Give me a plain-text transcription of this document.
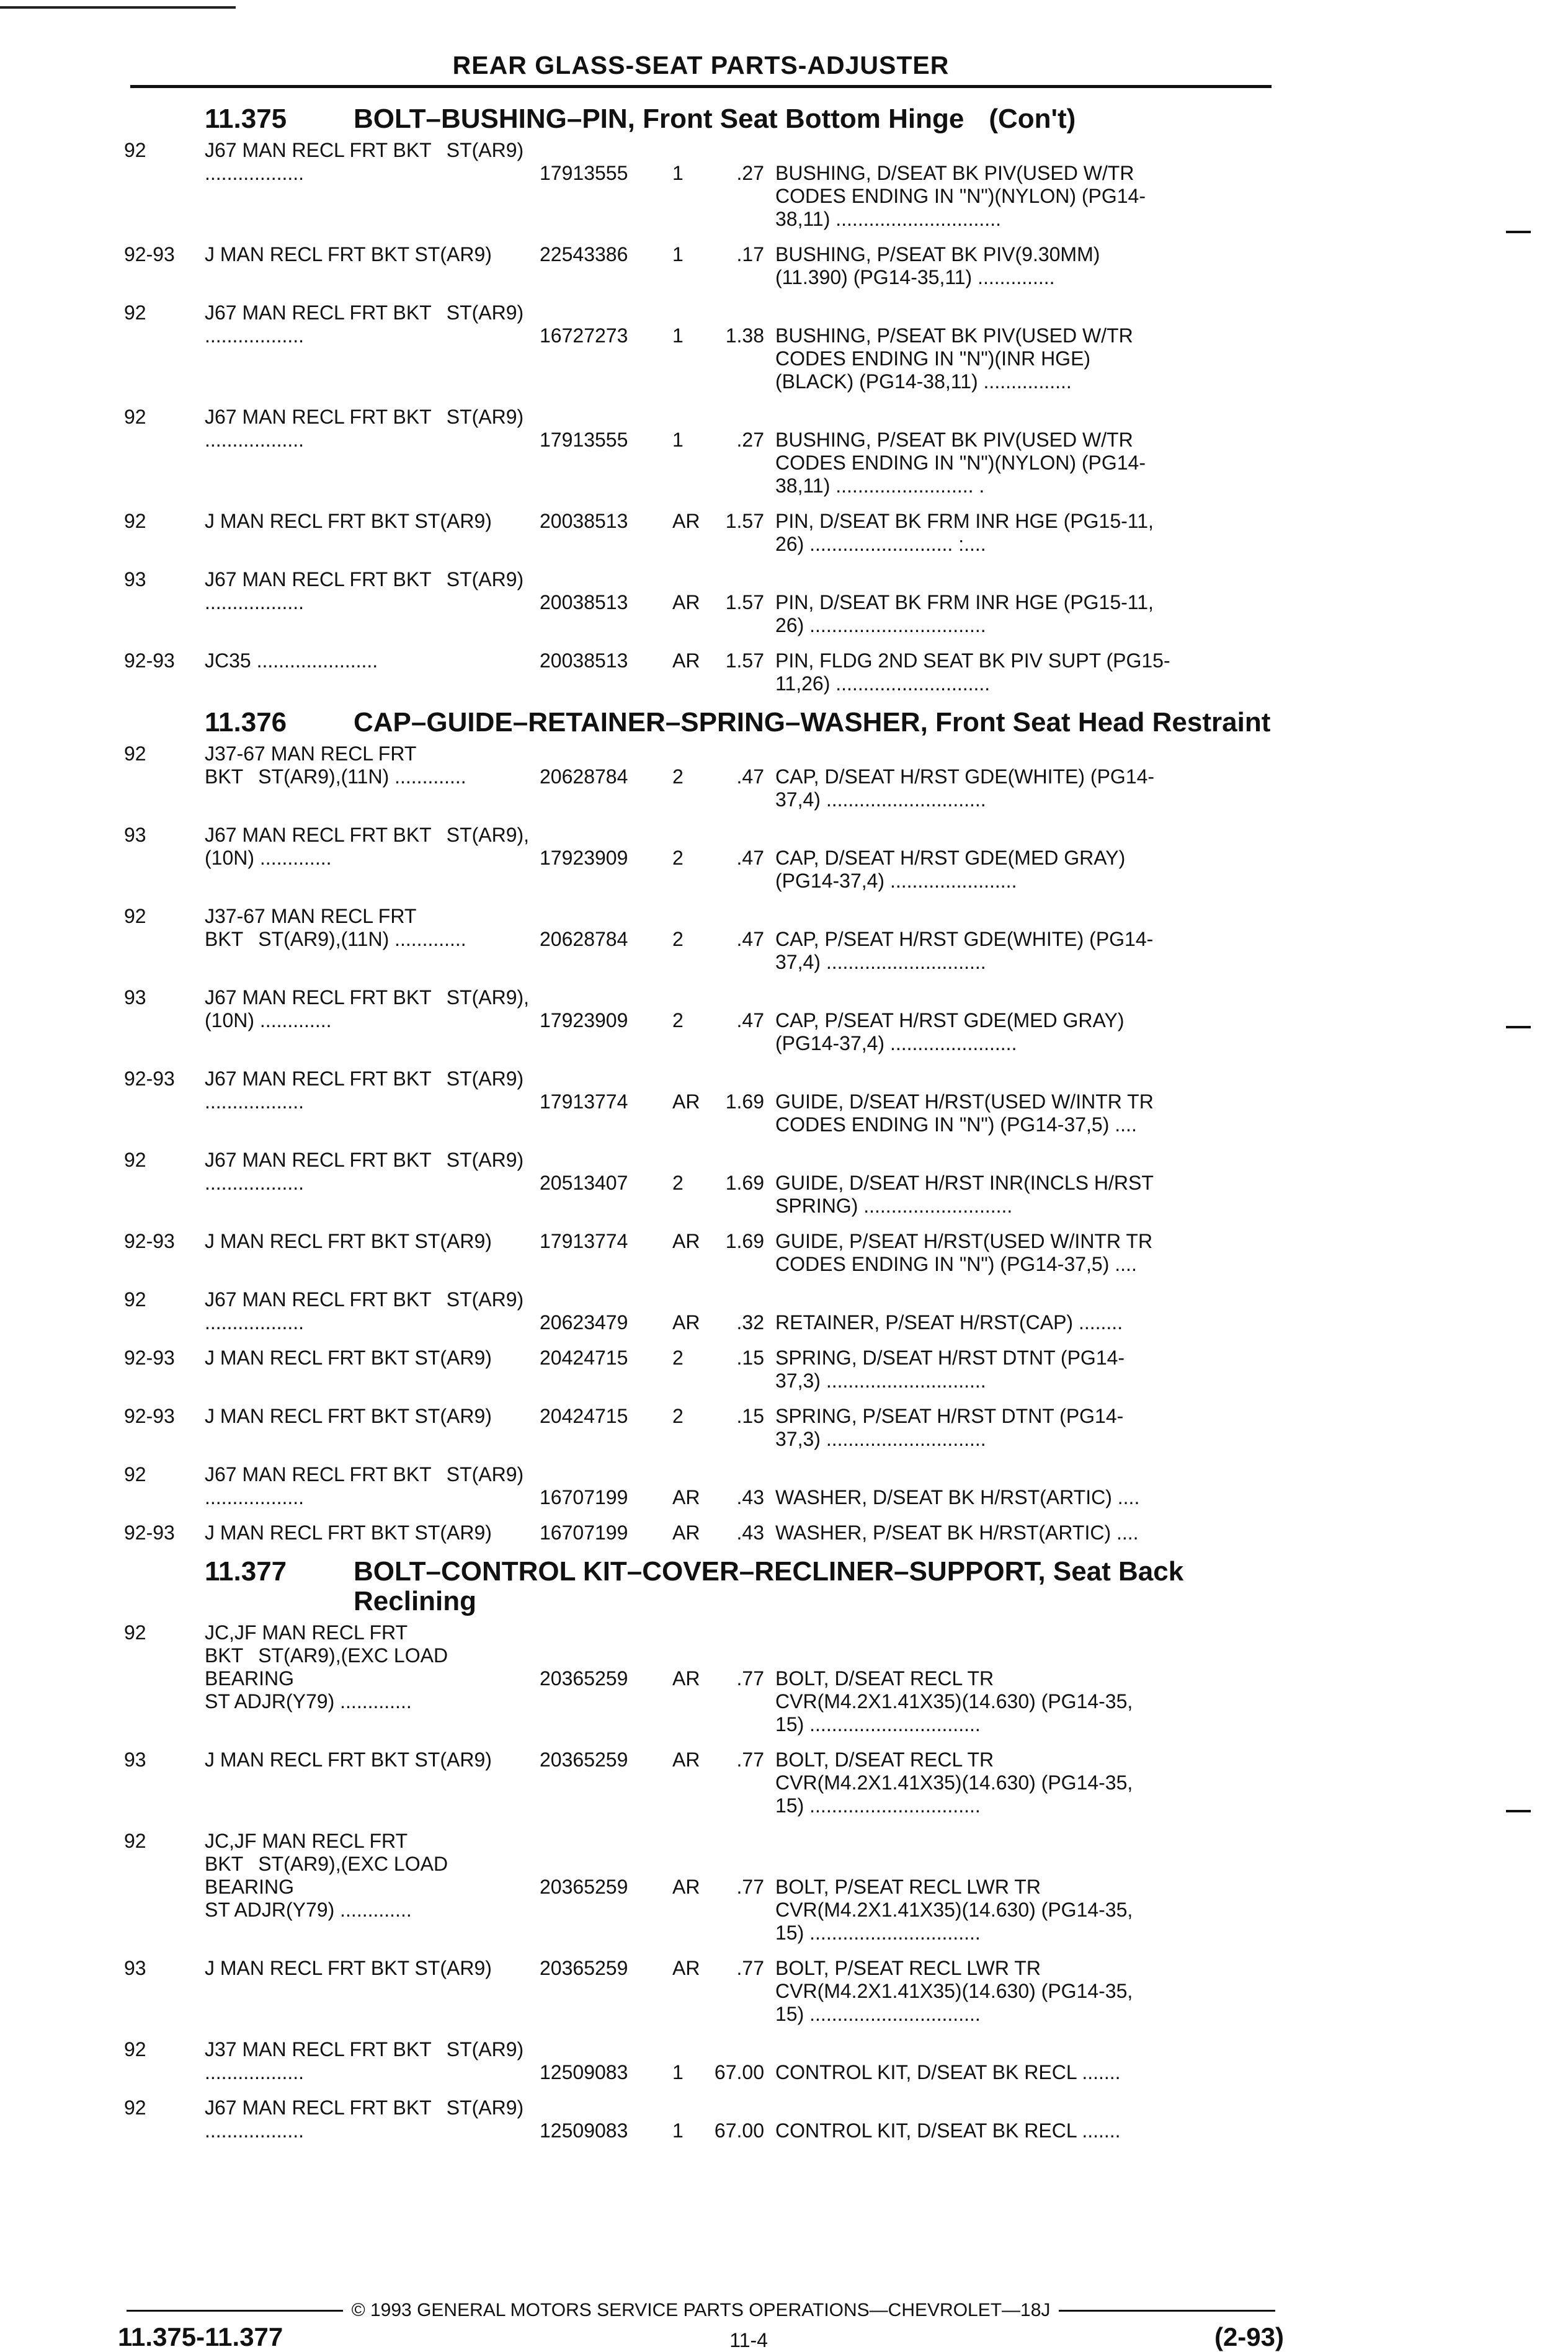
REAR GLASS-SEAT PARTS-ADJUSTER
11.375	BOLT–BUSHING–PIN, Front Seat Bottom Hinge (Con't)
92	J67 MAN RECL FRT BKT ST(AR9) ..................	17913555	1	.27 BUSHING, D/SEAT BK PIV(USED W/TR
CODES ENDING IN "N")(NYLON) (PG14-
38,11) ..............................
92-93	J MAN RECL FRT BKT ST(AR9)	22543386	1	.17 BUSHING, P/SEAT BK PIV(9.30MM)
(11.390) (PG14-35,11) ..............
92	J67 MAN RECL FRT BKT ST(AR9) ..................	16727273	1	1.38 BUSHING, P/SEAT BK PIV(USED W/TR
CODES ENDING IN "N")(INR HGE)
(BLACK) (PG14-38,11) ................
92	J67 MAN RECL FRT BKT ST(AR9) ..................	17913555	1	.27 BUSHING, P/SEAT BK PIV(USED W/TR
CODES ENDING IN "N")(NYLON) (PG14-
38,11) ......................... .
92	J MAN RECL FRT BKT ST(AR9)	20038513	AR	1.57 PIN, D/SEAT BK FRM INR HGE (PG15-11,
26) .......................... :....
93	J67 MAN RECL FRT BKT ST(AR9) ..................	20038513	AR	1.57 PIN, D/SEAT BK FRM INR HGE (PG15-11,
26) ................................
92-93	JC35 ......................	20038513	AR	1.57 PIN, FLDG 2ND SEAT BK PIV SUPT (PG15-
11,26) ............................
11.376	CAP–GUIDE–RETAINER–SPRING–WASHER, Front Seat Head Restraint
92	J37-67 MAN RECL FRT BKT ST(AR9),(11N) .............	20628784	2	.47 CAP, D/SEAT H/RST GDE(WHITE) (PG14-
37,4) .............................
93	J67 MAN RECL FRT BKT ST(AR9),(10N) .............	17923909	2	.47 CAP, D/SEAT H/RST GDE(MED GRAY)
(PG14-37,4) .......................
92	J37-67 MAN RECL FRT BKT ST(AR9),(11N) .............	20628784	2	.47 CAP, P/SEAT H/RST GDE(WHITE) (PG14-
37,4) .............................
93	J67 MAN RECL FRT BKT ST(AR9),(10N) .............	17923909	2	.47 CAP, P/SEAT H/RST GDE(MED GRAY)
(PG14-37,4) .......................
92-93	J67 MAN RECL FRT BKT ST(AR9) ..................	17913774	AR	1.69 GUIDE, D/SEAT H/RST(USED W/INTR TR
CODES ENDING IN "N") (PG14-37,5) ....
92	J67 MAN RECL FRT BKT ST(AR9) ..................	20513407	2	1.69 GUIDE, D/SEAT H/RST INR(INCLS H/RST
SPRING) ...........................
92-93	J MAN RECL FRT BKT ST(AR9)	17913774	AR	1.69 GUIDE, P/SEAT H/RST(USED W/INTR TR
CODES ENDING IN "N") (PG14-37,5) ....
92	J67 MAN RECL FRT BKT ST(AR9) ..................	20623479	AR	.32 RETAINER, P/SEAT H/RST(CAP) ........
92-93	J MAN RECL FRT BKT ST(AR9)	20424715	2	.15 SPRING, D/SEAT H/RST DTNT (PG14-
37,3) .............................
92-93	J MAN RECL FRT BKT ST(AR9)	20424715	2	.15 SPRING, P/SEAT H/RST DTNT (PG14-
37,3) .............................
92	J67 MAN RECL FRT BKT ST(AR9) ..................	16707199	AR	.43 WASHER, D/SEAT BK H/RST(ARTIC) ....
92-93	J MAN RECL FRT BKT ST(AR9)	16707199	AR	.43 WASHER, P/SEAT BK H/RST(ARTIC) ....
11.377	BOLT–CONTROL KIT–COVER–RECLINER–SUPPORT, Seat Back Reclining
92	JC,JF MAN RECL FRT BKT ST(AR9),(EXC LOAD BEARING
ST ADJR(Y79) .............
20365259	AR	.77 BOLT, D/SEAT RECL TR
CVR(M4.2X1.41X35)(14.630) (PG14-35,
15) ...............................
93	J MAN RECL FRT BKT ST(AR9)	20365259	AR	.77 BOLT, D/SEAT RECL TR
CVR(M4.2X1.41X35)(14.630) (PG14-35,
15) ...............................
92	JC,JF MAN RECL FRT BKT ST(AR9),(EXC LOAD BEARING
ST ADJR(Y79) .............
20365259	AR	.77 BOLT, P/SEAT RECL LWR TR
CVR(M4.2X1.41X35)(14.630) (PG14-35,
15) ...............................
93	J MAN RECL FRT BKT ST(AR9)	20365259	AR	.77 BOLT, P/SEAT RECL LWR TR
CVR(M4.2X1.41X35)(14.630) (PG14-35,
15) ...............................
92	J37 MAN RECL FRT BKT ST(AR9) ..................	12509083	1	67.00 CONTROL KIT, D/SEAT BK RECL .......
92	J67 MAN RECL FRT BKT ST(AR9) ..................	12509083	1	67.00 CONTROL KIT, D/SEAT BK RECL .......
© 1993 GENERAL MOTORS SERVICE PARTS OPERATIONS—CHEVROLET—18J
11.375-11.377	11-4	(2-93)
